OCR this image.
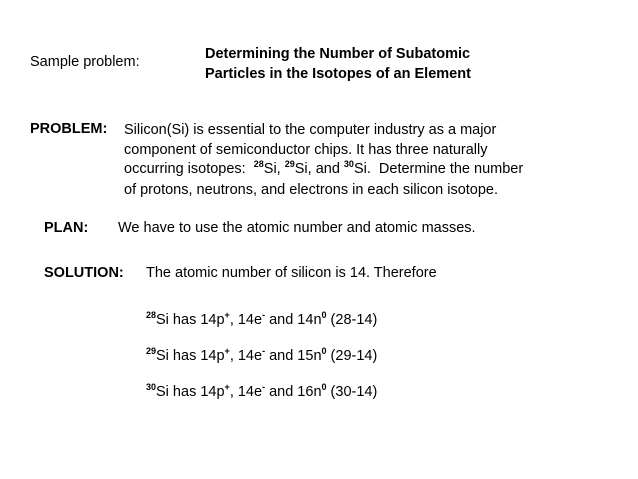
Sample problem:	Determining the Number of Subatomic
Particles in the Isotopes of an Element
PROBLEM: Silicon(Si) is essential to the computer industry as a major
component of semiconductor chips. It has three naturally
occurring isotopes:  $^{28}$Si, $^{29}$Si, and $^{30}$Si.  Determine the number
of protons, neutrons, and electrons in each silicon isotope.
PLAN: We have to use the atomic number and atomic masses.
SOLUTION: The atomic number of silicon is 14. Therefore
$^{28}$Si has 14p+, 14e- and $14n^0$ (28-14)
$^{29}$Si has 14p+, 14e- and $15n^0$ (29-14)
$^{30}$Si has 14p+, 14e- and $16n^0$ (30-14)
